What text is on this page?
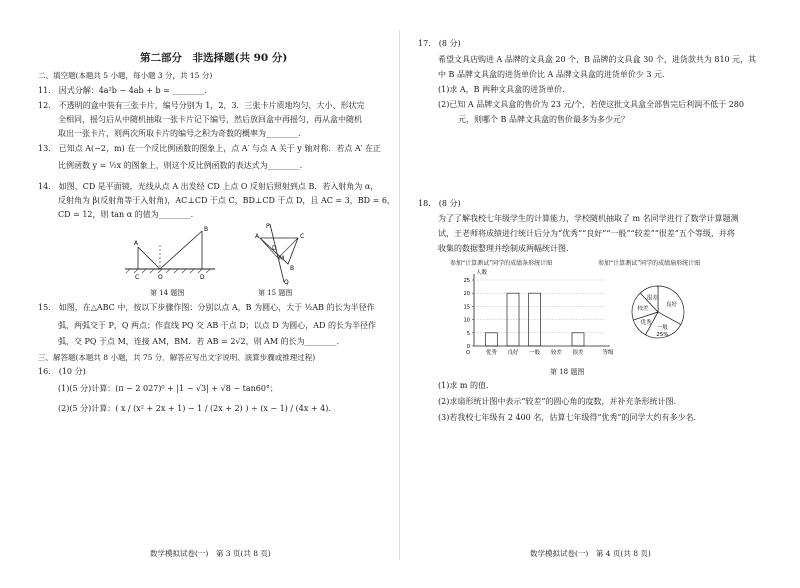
第二部分　非选择题(共 90 分)
二、填空题(本题共 5 小题，每小题 3 分，共 15 分)
11.　因式分解：4a²b − 4ab + b = ________.
12.　不透明的盒中装有三张卡片，编号分别为 1，2，3．三张卡片质地均匀，大小、形状完
全相同，摇匀后从中随机抽取一张卡片记下编号，然后放回盒中再摇匀，再从盒中随机
取出一张卡片，则两次所取卡片的编号之积为奇数的概率为________.
13.　已知点 A(−2，m) 在一个反比例函数的图象上，点 A′ 与点 A 关于 y 轴对称．若点 A′ 在正
比例函数 y = ½x 的图象上，则这个反比例函数的表达式为________.
14.　如图，CD 是平面镜，光线从点 A 出发经 CD 上点 O 反射后照射到点 B．若入射角为 α，
反射角为 β(反射角等于入射角)，AC⊥CD 于点 C，BD⊥CD 于点 D，且 AC = 3，BD = 6，
CD = 12，则 tan α 的值为________.
A
B
C	O	D
A	C
B
P
Q
D
M
第 14 题图	第 15 题图
15.　如图，在△ABC 中，按以下步骤作图：分别以点 A，B 为圆心，大于 ½AB 的长为半径作
弧，两弧交于 P，Q 两点；作直线 PQ 交 AB 于点 D；以点 D 为圆心，AD 的长为半径作
弧，交 PQ 于点 M，连接 AM，BM．若 AB = 2√2，则 AM 的长为________.
三、解答题(本题共 8 小题，共 75 分．解答应写出文字说明、演算步骤或推理过程)
16.　(10 分)
(1)(5 分)计算：(π − 2 027)⁰ + |1 − √3| + √8 − tan60°；
(2)(5 分)计算：( x / (x² + 2x + 1) − 1 / (2x + 2) ) ÷ (x − 1) / (4x + 4).
数学模拟试卷(一)　第 3 页(共 8 页)
17.　(8 分)
希望文具店购进 A 品牌的文具盒 20 个，B 品牌的文具盒 30 个，进货款共为 810 元，其
中 B 品牌文具盒的进货单价比 A 品牌文具盒的进货单价少 3 元.
(1)求 A，B 两种文具盒的进货单价.
(2)已知 A 品牌文具盒的售价为 23 元/个，若使这批文具盒全部售完后利润不低于 280
元，则哪个 B 品牌文具盒的售价最多为多少元？
18.　(8 分)
为了了解我校七年级学生的计算能力，学校随机抽取了 m 名同学进行了数学计算题测
试，王老师将成绩进行统计后分为“优秀”“良好”“一般”“较差”“很差”五个等级，并将
收集的数据整理并绘制成两幅统计图.
参加“计算测试”同学的成绩条形统计图	参加“计算测试”同学的成绩扇形统计图
人数
0
5
10
15
20
25
优秀 良好 一般 较差 很差	等级
O
良好
一般
25%
优秀
较差
很差
第 18 题图
(1)求 m 的值.
(2)求扇形统计图中表示“较差”的圆心角的度数，并补充条形统计图.
(3)若我校七年级有 2 400 名，估算七年级得“优秀”的同学大约有多少名.
数学模拟试卷(一)　第 4 页(共 8 页)
